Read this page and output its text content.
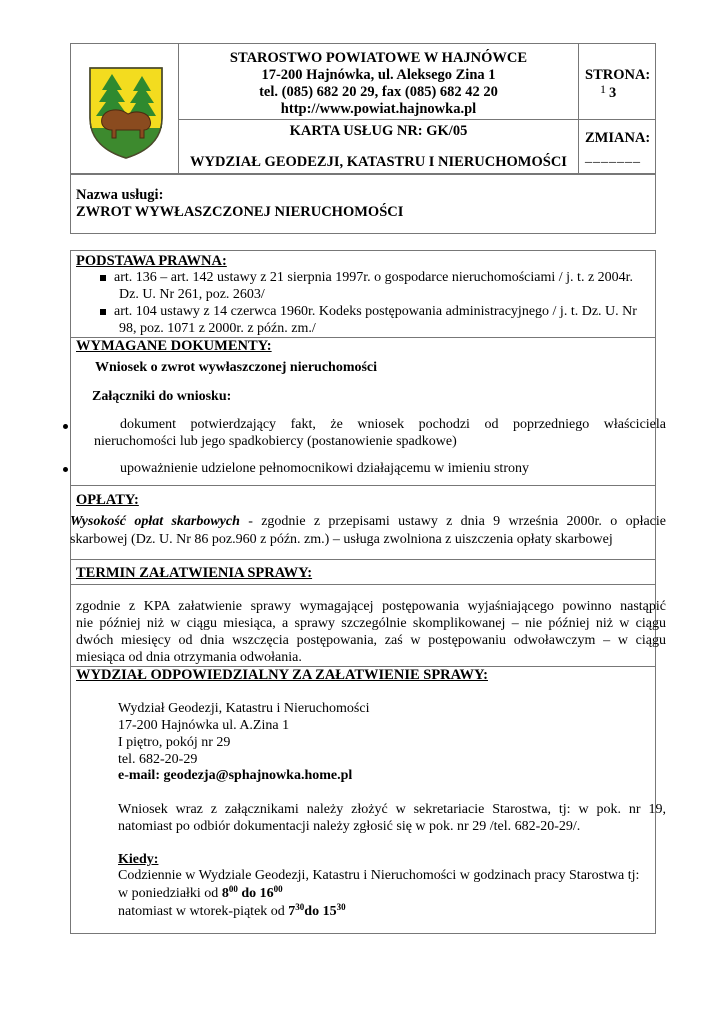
STAROSTWO POWIATOWE W HAJNÓWCE
17-200 Hajnówka, ul. Aleksego Zina 1
tel. (085) 682 20 29, fax (085) 682 42 20
http://www.powiat.hajnowka.pl
KARTA USŁUG NR: GK/05
WYDZIAŁ GEODEZJI, KATASTRU I NIERUCHOMOŚCI
STRONA:
1 3
ZMIANA:
_______
Nazwa usługi:
ZWROT WYWŁASZCZONEJ NIERUCHOMOŚCI
PODSTAWA PRAWNA:
art. 136 – art. 142 ustawy z 21 sierpnia 1997r. o gospodarce nieruchomościami / j. t. z 2004r.
Dz. U. Nr 261, poz. 2603/
art. 104 ustawy z 14 czerwca 1960r. Kodeks postępowania administracyjnego / j. t. Dz. U. Nr
98, poz. 1071 z 2000r. z późn. zm./
WYMAGANE DOKUMENTY:
Wniosek o zwrot wywłaszczonej nieruchomości
Załączniki do wniosku:
dokument potwierdzający fakt, że wniosek pochodzi od poprzedniego właściciela
nieruchomości lub jego spadkobiercy (postanowienie spadkowe)
upoważnienie udzielone pełnomocnikowi działającemu w imieniu strony
OPŁATY:
Wysokość opłat skarbowych - zgodnie z przepisami ustawy z dnia 9 września 2000r. o opłacie
skarbowej (Dz. U. Nr 86 poz.960 z późn. zm.) – usługa zwolniona z uiszczenia opłaty skarbowej
TERMIN ZAŁATWIENIA SPRAWY:
zgodnie z KPA załatwienie sprawy wymagającej postępowania wyjaśniającego powinno nastąpić
nie później niż w ciągu miesiąca, a sprawy szczególnie skomplikowanej – nie później niż w ciągu
dwóch miesięcy od dnia wszczęcia postępowania, zaś w postępowaniu odwoławczym – w ciągu
miesiąca od dnia otrzymania odwołania.
WYDZIAŁ ODPOWIEDZIALNY ZA ZAŁATWIENIE SPRAWY:
Wydział Geodezji, Katastru i Nieruchomości
17-200 Hajnówka ul. A.Zina 1
I piętro, pokój nr 29
tel. 682-20-29
e-mail: geodezja@sphajnowka.home.pl
Wniosek wraz z załącznikami należy złożyć w sekretariacie Starostwa, tj: w pok. nr 19,
natomiast po odbiór dokumentacji należy zgłosić się w pok. nr 29 /tel. 682-20-29/.
Kiedy:
Codziennie w Wydziale Geodezji, Katastru i Nieruchomości w godzinach pracy Starostwa tj:
w poniedziałki od $8^{00}$ do $16^{00}$
natomiast w wtorek-piątek od $7^{30}do$ $15^{30}$
